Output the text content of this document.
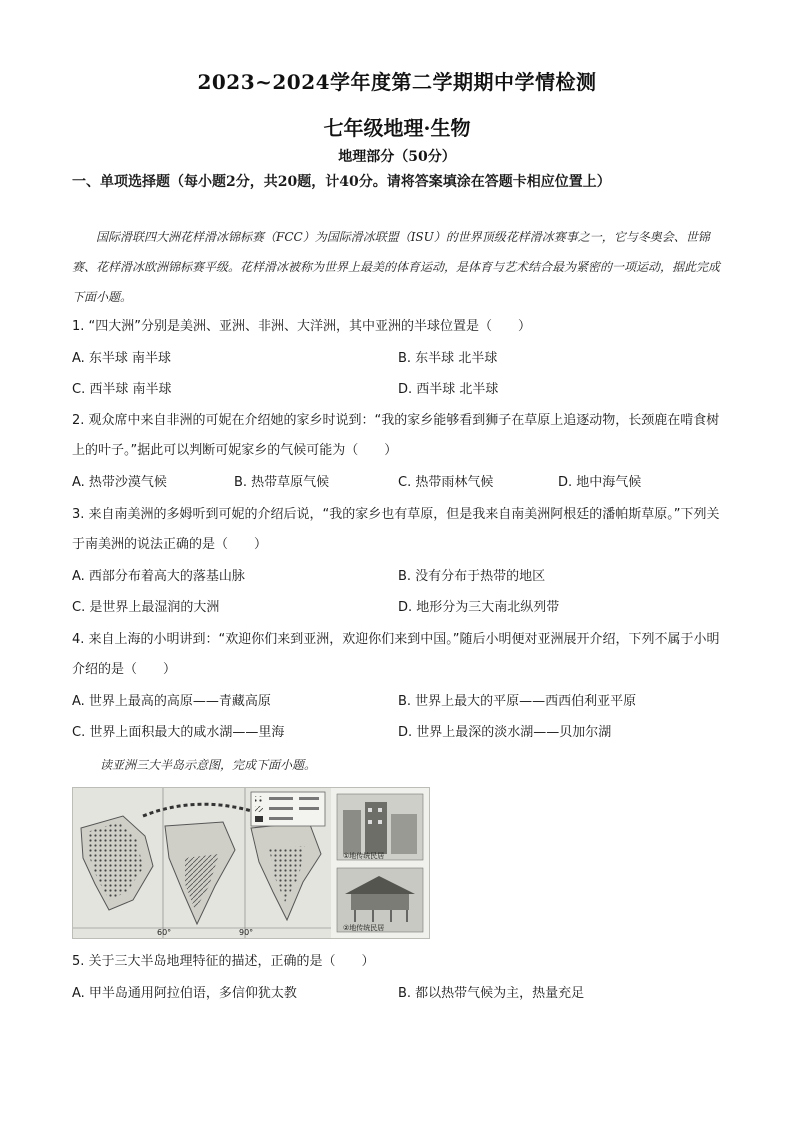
2023~2024学年度第二学期期中学情检测
七年级地理·生物
地理部分（50分）
一、单项选择题（每小题2分，共20题，计40分。请将答案填涂在答题卡相应位置上）
国际滑联四大洲花样滑冰锦标赛（FCC）为国际滑冰联盟（ISU）的世界顶级花样滑冰赛事之一，它与冬奥会、世锦赛、花样滑冰欧洲锦标赛平级。花样滑冰被称为世界上最美的体育运动，是体育与艺术结合最为紧密的一项运动，据此完成下面小题。
1. “四大洲”分别是美洲、亚洲、非洲、大洋洲，其中亚洲的半球位置是（　　）
A. 东半球 南半球	B. 东半球 北半球
C. 西半球 南半球	D. 西半球 北半球
2. 观众席中来自非洲的可妮在介绍她的家乡时说到：“我的家乡能够看到狮子在草原上追逐动物，长颈鹿在啃食树上的叶子。”据此可以判断可妮家乡的气候可能为（　　）
A. 热带沙漠气候	B. 热带草原气候	C. 热带雨林气候	D. 地中海气候
3. 来自南美洲的多姆听到可妮的介绍后说，“我的家乡也有草原，但是我来自南美洲阿根廷的潘帕斯草原。”下列关于南美洲的说法正确的是（　　）
A. 西部分布着高大的落基山脉	B. 没有分布于热带的地区
C. 是世界上最湿润的大洲	D. 地形分为三大南北纵列带
4. 来自上海的小明讲到：“欢迎你们来到亚洲，欢迎你们来到中国。”随后小明便对亚洲展开介绍，下列不属于小明介绍的是（　　）
A. 世界上最高的高原——青藏高原	B. 世界上最大的平原——西西伯利亚平原
C. 世界上面积最大的咸水湖——里海	D. 世界上最深的淡水湖——贝加尔湖
读亚洲三大半岛示意图，完成下面小题。
60°	90°
①地传统民居
②地传统民居
5. 关于三大半岛地理特征的描述，正确的是（　　）
A. 甲半岛通用阿拉伯语，多信仰犹太教	B. 都以热带气候为主，热量充足
